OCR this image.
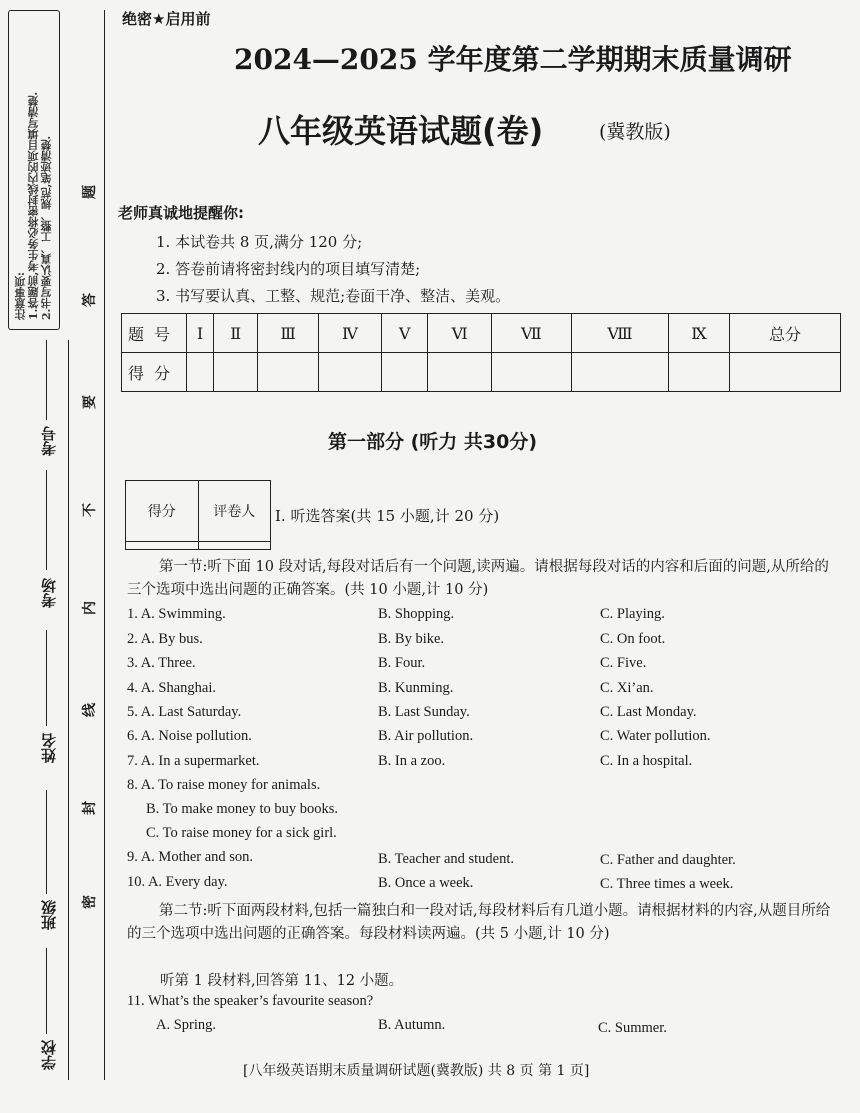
注意事项:
1.答题前,考生务必将密封线内的项目填写清楚.
2.书写要认真、工整、规范,笔迹清楚. 题
答
要
不
内
线
封
密
考号
考场
姓名
班级
学校
绝密★启用前
2024—2025 学年度第二学期期末质量调研
八年级英语试题(卷)	(冀教版)
老师真诚地提醒你:
1. 本试卷共 8 页,满分 120 分;
2. 答卷前请将密封线内的项目填写清楚;
3. 书写要认真、工整、规范;卷面干净、整洁、美观。
题号	Ⅰ	Ⅱ	Ⅲ	Ⅳ	Ⅴ	Ⅵ	Ⅶ	Ⅷ	Ⅸ	总分
得分										
第一部分 (听力 共30分)
得分	评卷人
	Ⅰ. 听选答案(共 15 小题,计 20 分)
第一节:听下面 10 段对话,每段对话后有一个问题,读两遍。请根据每段对话的内容和后面的问题,从所给的三个选项中选出问题的正确答案。(共 10 小题,计 10 分)
1. A. Swimming.	B. Shopping.	C. Playing.
2. A. By bus.	B. By bike.	C. On foot.
3. A. Three.	B. Four.	C. Five.
4. A. Shanghai.	B. Kunming.	C. Xi’an.
5. A. Last Saturday.	B. Last Sunday.	C. Last Monday.
6. A. Noise pollution.	B. Air pollution.	C. Water pollution.
7. A. In a supermarket.	B. In a zoo.	C. In a hospital.
8. A. To raise money for animals.
B. To make money to buy books.
C. To raise money for a sick girl.
9. A. Mother and son.	B. Teacher and student.	C. Father and daughter.
10. A. Every day.	B. Once a week.	C. Three times a week.
第二节:听下面两段材料,包括一篇独白和一段对话,每段材料后有几道小题。请根据材料的内容,从题目所给的三个选项中选出问题的正确答案。每段材料读两遍。(共 5 小题,计 10 分)
听第 1 段材料,回答第 11、12 小题。
11. What’s the speaker’s favourite season?
A. Spring.	B. Autumn.	C. Summer.
[八年级英语期末质量调研试题(冀教版) 共 8 页 第 1 页]
